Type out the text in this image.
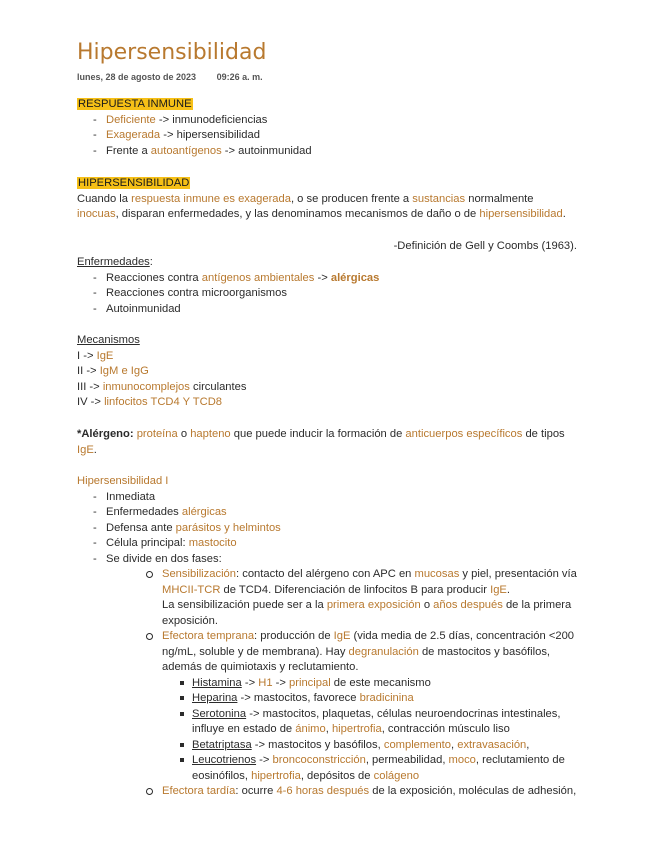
Hipersensibilidad
lunes, 28 de agosto de 2023 09:26 a. m.
RESPUESTA INMUNE
- Deficiente -> inmunodeficiencias
- Exagerada -> hipersensibilidad
- Frente a autoantígenos -> autoinmunidad
HIPERSENSIBILIDAD
Cuando la respuesta inmune es exagerada, o se producen frente a sustancias normalmente inocuas, disparan enfermedades, y las denominamos mecanismos de daño o de hipersensibilidad.
-Definición de Gell y Coombs (1963).
Enfermedades:
- Reacciones contra antígenos ambientales -> alérgicas
- Reacciones contra microorganismos
- Autoinmunidad
Mecanismos
I -> IgE
II -> IgM e IgG
III -> inmunocomplejos circulantes
IV -> linfocitos TCD4 Y TCD8
*Alérgeno: proteína o hapteno que puede inducir la formación de anticuerpos específicos de tipos IgE.
Hipersensibilidad I
- Inmediata
- Enfermedades alérgicas
- Defensa ante parásitos y helmintos
- Célula principal: mastocito
- Se divide en dos fases:
Sensibilización: contacto del alérgeno con APC en mucosas y piel, presentación vía MHCII-TCR de TCD4. Diferenciación de linfocitos B para producir IgE.
La sensibilización puede ser a la primera exposición o años después de la primera exposición.
Efectora temprana: producción de IgE (vida media de 2.5 días, concentración <200 ng/mL, soluble y de membrana). Hay degranulación de mastocitos y basófilos, además de quimiotaxis y reclutamiento.
Histamina -> H1 -> principal de este mecanismo
Heparina -> mastocitos, favorece bradicinina
Serotonina -> mastocitos, plaquetas, células neuroendocrinas intestinales, influye en estado de ánimo, hipertrofia, contracción músculo liso
Betatriptasa -> mastocitos y basófilos, complemento, extravasación,
Leucotrienos -> broncoconstricción, permeabilidad, moco, reclutamiento de eosinófilos, hipertrofia, depósitos de colágeno
Efectora tardía: ocurre 4-6 horas después de la exposición, moléculas de adhesión,
